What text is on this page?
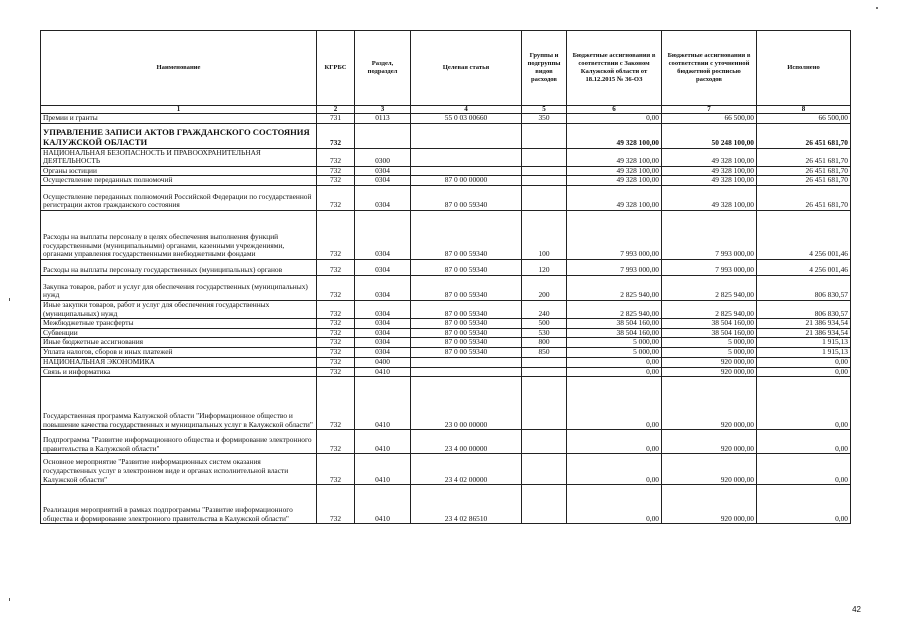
Наименование	КГРБС	Раздел, подраздел	Целевая статья	Группы и подгруппы видов расходов	Бюджетные ассигнования в соответствии с Законом Калужской области от 18.12.2015 № 36-ОЗ	Бюджетные ассигнования в соответствии с уточненной бюджетной росписью расходов	Исполнено
1	2	3	4	5	6	7	8
Премии и гранты	731	0113	55 0 03 00660	350	0,00	66 500,00	66 500,00
УПРАВЛЕНИЕ ЗАПИСИ АКТОВ ГРАЖДАНСКОГО СОСТОЯНИЯ КАЛУЖСКОЙ ОБЛАСТИ	732				49 328 100,00	50 248 100,00	26 451 681,70
НАЦИОНАЛЬНАЯ БЕЗОПАСНОСТЬ И ПРАВООХРАНИТЕЛЬНАЯ ДЕЯТЕЛЬНОСТЬ	732	0300			49 328 100,00	49 328 100,00	26 451 681,70
Органы юстиции	732	0304			49 328 100,00	49 328 100,00	26 451 681,70
Осуществление переданных полномочий	732	0304	87 0 00 00000		49 328 100,00	49 328 100,00	26 451 681,70
Осуществление переданных полномочий Российской Федерации по государственной регистрации актов гражданского состояния	732	0304	87 0 00 59340		49 328 100,00	49 328 100,00	26 451 681,70
Расходы на выплаты персоналу в целях обеспечения выполнения функций государственными (муниципальными) органами, казенными учреждениями, органами управления государственными внебюджетными фондами	732	0304	87 0 00 59340	100	7 993 000,00	7 993 000,00	4 256 001,46
Расходы на выплаты персоналу государственных (муниципальных) органов	732	0304	87 0 00 59340	120	7 993 000,00	7 993 000,00	4 256 001,46
Закупка товаров, работ и услуг для обеспечения государственных (муниципальных) нужд	732	0304	87 0 00 59340	200	2 825 940,00	2 825 940,00	806 830,57
Иные закупки товаров, работ и услуг для обеспечения государственных (муниципальных) нужд	732	0304	87 0 00 59340	240	2 825 940,00	2 825 940,00	806 830,57
Межбюджетные трансферты	732	0304	87 0 00 59340	500	38 504 160,00	38 504 160,00	21 386 934,54
Субвенции	732	0304	87 0 00 59340	530	38 504 160,00	38 504 160,00	21 386 934,54
Иные бюджетные ассигнования	732	0304	87 0 00 59340	800	5 000,00	5 000,00	1 915,13
Уплата налогов, сборов и иных платежей	732	0304	87 0 00 59340	850	5 000,00	5 000,00	1 915,13
НАЦИОНАЛЬНАЯ ЭКОНОМИКА	732	0400			0,00	920 000,00	0,00
Связь и информатика	732	0410			0,00	920 000,00	0,00
Государственная программа Калужской области "Информационное общество и повышение качества государственных и муниципальных услуг в Калужской области"	732	0410	23 0 00 00000		0,00	920 000,00	0,00
Подпрограмма "Развитие информационного общества и формирование электронного правительства в Калужской области"	732	0410	23 4 00 00000		0,00	920 000,00	0,00
Основное мероприятие "Развитие информационных систем оказания государственных услуг в электронном виде и органах исполнительной власти Калужской области"	732	0410	23 4 02 00000		0,00	920 000,00	0,00
Реализация мероприятий в рамках подпрограммы "Развитие информационного общества и формирование электронного правительства в Калужской области"	732	0410	23 4 02 86510		0,00	920 000,00	0,00
42
